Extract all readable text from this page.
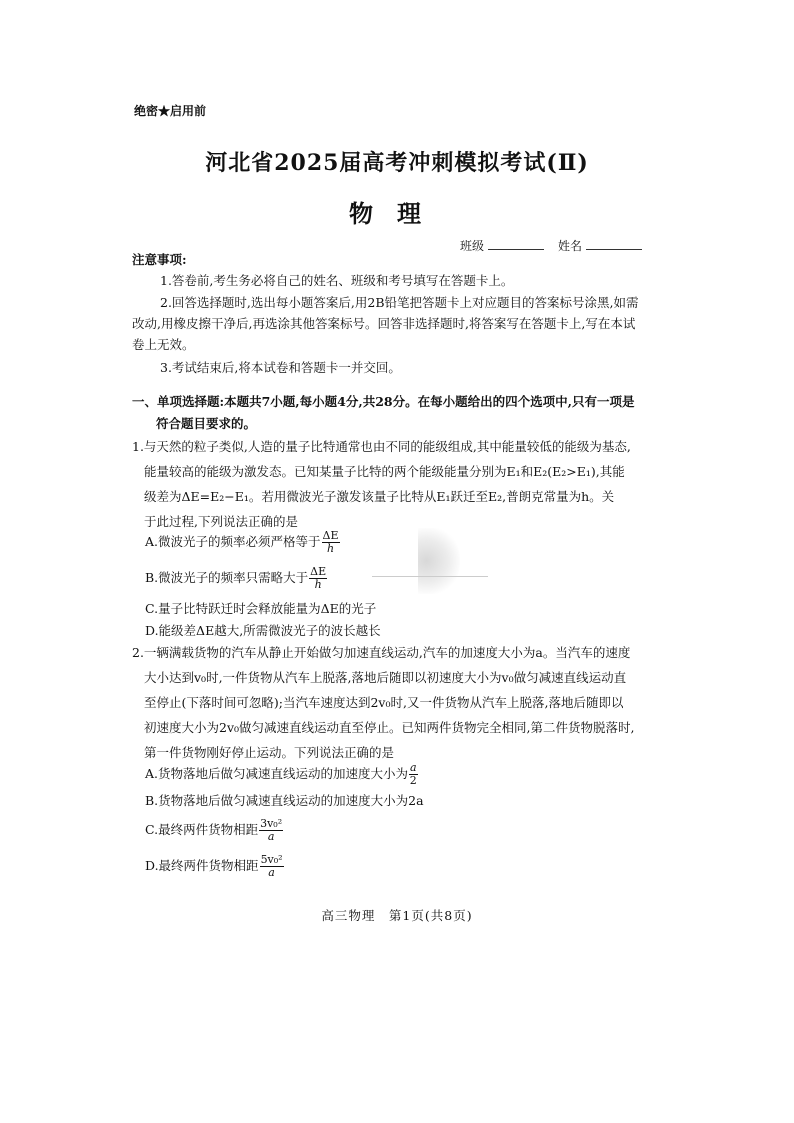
绝密★启用前
河北省2025届高考冲刺模拟考试(Ⅱ)
物理
班级	姓名
注意事项:
1.答卷前,考生务必将自己的姓名、班级和考号填写在答题卡上。
2.回答选择题时,选出每小题答案后,用2B铅笔把答题卡上对应题目的答案标号涂黑,如需
改动,用橡皮擦干净后,再选涂其他答案标号。回答非选择题时,将答案写在答题卡上,写在本试
卷上无效。
3.考试结束后,将本试卷和答题卡一并交回。
一、单项选择题:本题共7小题,每小题4分,共28分。在每小题给出的四个选项中,只有一项是
符合题目要求的。
1.与天然的粒子类似,人造的量子比特通常也由不同的能级组成,其中能量较低的能级为基态,
能量较高的能级为激发态。已知某量子比特的两个能级能量分别为E₁和E₂(E₂>E₁),其能
级差为ΔE=E₂−E₁。若用微波光子激发该量子比特从E₁跃迁至E₂,普朗克常量为h。关
于此过程,下列说法正确的是
A.微波光子的频率必须严格等于 $\frac{\Delta E}{h}$
B.微波光子的频率只需略大于 $\frac{\Delta E}{h}$
C.量子比特跃迁时会释放能量为ΔE的光子
D.能级差ΔE越大,所需微波光子的波长越长
2.一辆满载货物的汽车从静止开始做匀加速直线运动,汽车的加速度大小为a。当汽车的速度
大小达到v₀时,一件货物从汽车上脱落,落地后随即以初速度大小为v₀做匀减速直线运动直
至停止(下落时间可忽略);当汽车速度达到2v₀时,又一件货物从汽车上脱落,落地后随即以
初速度大小为2v₀做匀减速直线运动直至停止。已知两件货物完全相同,第二件货物脱落时,
第一件货物刚好停止运动。下列说法正确的是
A.货物落地后做匀减速直线运动的加速度大小为 $\frac{a}{2}$
B.货物落地后做匀减速直线运动的加速度大小为2a
C.最终两件货物相距 $\frac{\text{3v₀²}}{a}$
D.最终两件货物相距 $\frac{\text{5v₀²}}{a}$
高三物理　第1页(共8页)
